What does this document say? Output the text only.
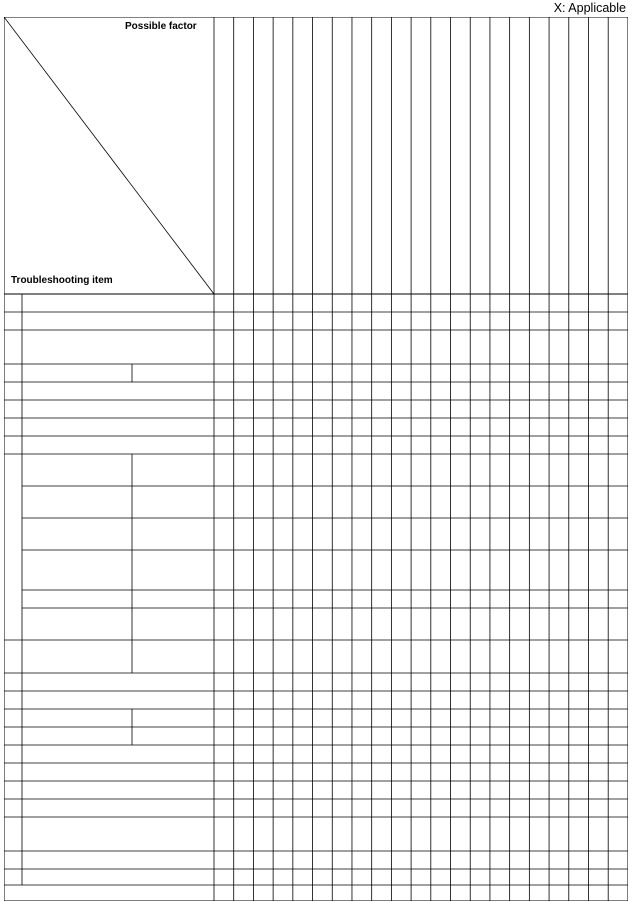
X: Applicable
Possible factor
Troubleshooting item
